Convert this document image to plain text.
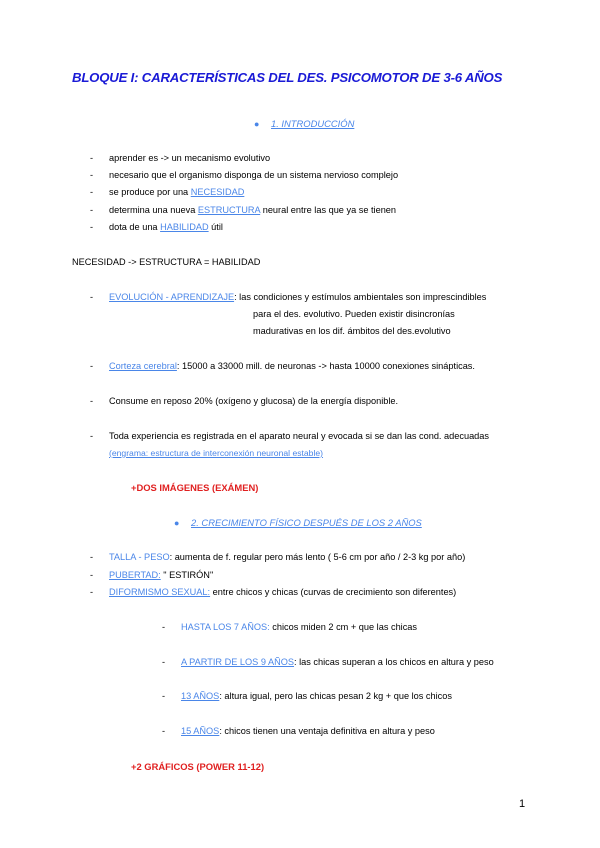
BLOQUE I: CARACTERÍSTICAS DEL DES. PSICOMOTOR DE 3-6 AÑOS
● 1. INTRODUCCIÓN
- aprender es -> un mecanismo evolutivo
- necesario que el organismo disponga de un sistema nervioso complejo
- se produce por una NECESIDAD
- determina una nueva ESTRUCTURA neural entre las que ya se tienen
- dota de una HABILIDAD útil
NECESIDAD -> ESTRUCTURA = HABILIDAD
- EVOLUCIÓN - APRENDIZAJE: las condiciones y estímulos ambientales son imprescindibles
para el des. evolutivo. Pueden existir disincronías
madurativas en los dif. ámbitos del des.evolutivo
- Corteza cerebral: 15000 a 33000 mill. de neuronas -> hasta 10000 conexiones sinápticas.
- Consume en reposo 20% (oxígeno y glucosa) de la energía disponible.
- Toda experiencia es registrada en el aparato neural y evocada si se dan las cond. adecuadas
(engrama: estructura de interconexión neuronal estable)
+DOS IMÁGENES (EXÁMEN)
● 2. CRECIMIENTO FÍSICO DESPUÉS DE LOS 2 AÑOS
- TALLA - PESO: aumenta de f. regular pero más lento ( 5-6 cm por año / 2-3 kg por año)
- PUBERTAD: " ESTIRÓN"
- DIFORMISMO SEXUAL: entre chicos y chicas (curvas de crecimiento son diferentes)
- HASTA LOS 7 AÑOS: chicos miden 2 cm + que las chicas
- A PARTIR DE LOS 9 AÑOS: las chicas superan a los chicos en altura y peso
- 13 AÑOS: altura igual, pero las chicas pesan 2 kg + que los chicos
- 15 AÑOS: chicos tienen una ventaja definitiva en altura y peso
+2 GRÁFICOS (POWER 11-12)
1
